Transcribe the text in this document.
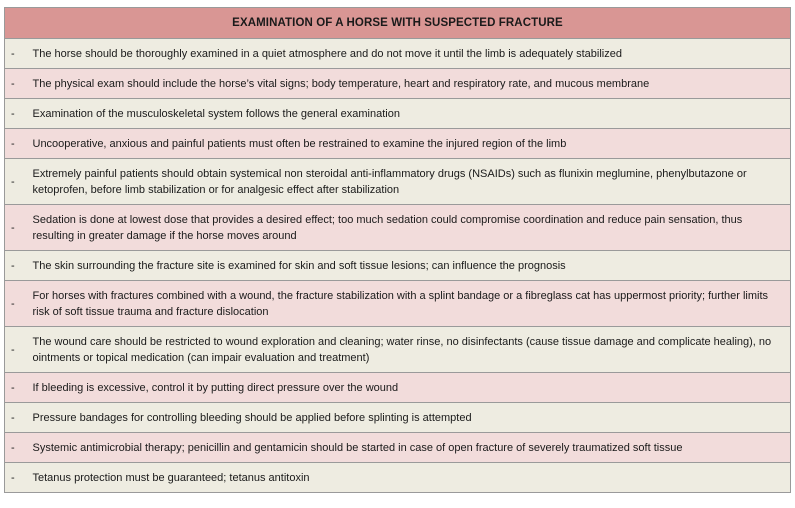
EXAMINATION OF A HORSE WITH SUSPECTED FRACTURE	
-	The horse should be thoroughly examined in a quiet atmosphere and do not move it until the limb is adequately stabilized
-	The physical exam should include the horse’s vital signs; body temperature, heart and respiratory rate, and mucous membrane
-	Examination of the musculoskeletal system follows the general examination
-	Uncooperative, anxious and painful patients must often be restrained to examine the injured region of the limb
-	Extremely painful patients should obtain systemical non steroidal anti-inflammatory drugs (NSAIDs) such as flunixin meglumine, phenylbutazone or ketoprofen, before limb stabilization or for analgesic effect after stabilization
-	Sedation is done at lowest dose that provides a desired effect; too much sedation could compromise coordination and reduce pain sensation, thus resulting in greater damage if the horse moves around
-	The skin surrounding the fracture site is examined for skin and soft tissue lesions; can influence the prognosis
-	For horses with fractures combined with a wound, the fracture stabilization with a splint bandage or a fibreglass cat has uppermost priority; further limits risk of soft tissue trauma and fracture dislocation
-	The wound care should be restricted to wound exploration and cleaning; water rinse, no disinfectants (cause tissue damage and complicate healing), no ointments or topical medication (can impair evaluation and treatment)
-	If bleeding is excessive, control it by putting direct pressure over the wound
-	Pressure bandages for controlling bleeding should be applied before splinting is attempted
-	Systemic antimicrobial therapy; penicillin and gentamicin should be started in case of open fracture of severely traumatized soft tissue
-	Tetanus protection must be guaranteed; tetanus antitoxin
